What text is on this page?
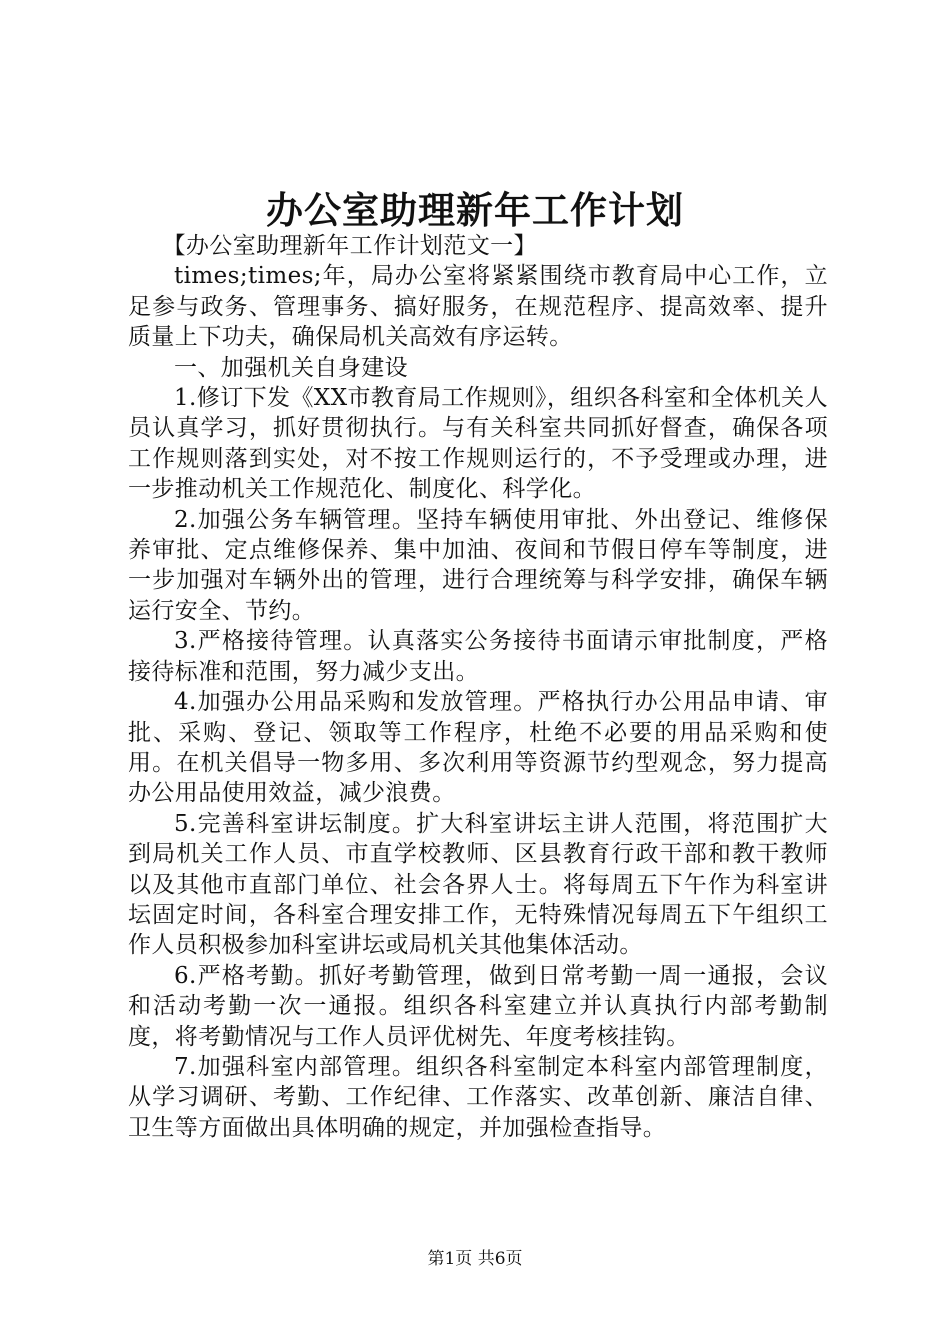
办公室助理新年工作计划

【办公室助理新年工作计划范文一】

times;times;年，局办公室将紧紧围绕市教育局中心工作，立足参与政务、管理事务、搞好服务，在规范程序、提高效率、提升质量上下功夫，确保局机关高效有序运转。

一、加强机关自身建设

1.修订下发《XX市教育局工作规则》，组织各科室和全体机关人员认真学习，抓好贯彻执行。与有关科室共同抓好督查，确保各项工作规则落到实处，对不按工作规则运行的，不予受理或办理，进一步推动机关工作规范化、制度化、科学化。

2.加强公务车辆管理。坚持车辆使用审批、外出登记、维修保养审批、定点维修保养、集中加油、夜间和节假日停车等制度，进一步加强对车辆外出的管理，进行合理统筹与科学安排，确保车辆运行安全、节约。

3.严格接待管理。认真落实公务接待书面请示审批制度，严格接待标准和范围，努力减少支出。

4.加强办公用品采购和发放管理。严格执行办公用品申请、审批、采购、登记、领取等工作程序，杜绝不必要的用品采购和使用。在机关倡导一物多用、多次利用等资源节约型观念，努力提高办公用品使用效益，减少浪费。

5.完善科室讲坛制度。扩大科室讲坛主讲人范围，将范围扩大到局机关工作人员、市直学校教师、区县教育行政干部和教干教师以及其他市直部门单位、社会各界人士。将每周五下午作为科室讲坛固定时间，各科室合理安排工作，无特殊情况每周五下午组织工作人员积极参加科室讲坛或局机关其他集体活动。

6.严格考勤。抓好考勤管理，做到日常考勤一周一通报，会议和活动考勤一次一通报。组织各科室建立并认真执行内部考勤制度，将考勤情况与工作人员评优树先、年度考核挂钩。

7.加强科室内部管理。组织各科室制定本科室内部管理制度，从学习调研、考勤、工作纪律、工作落实、改革创新、廉洁自律、卫生等方面做出具体明确的规定，并加强检查指导。

第1页 共6页
